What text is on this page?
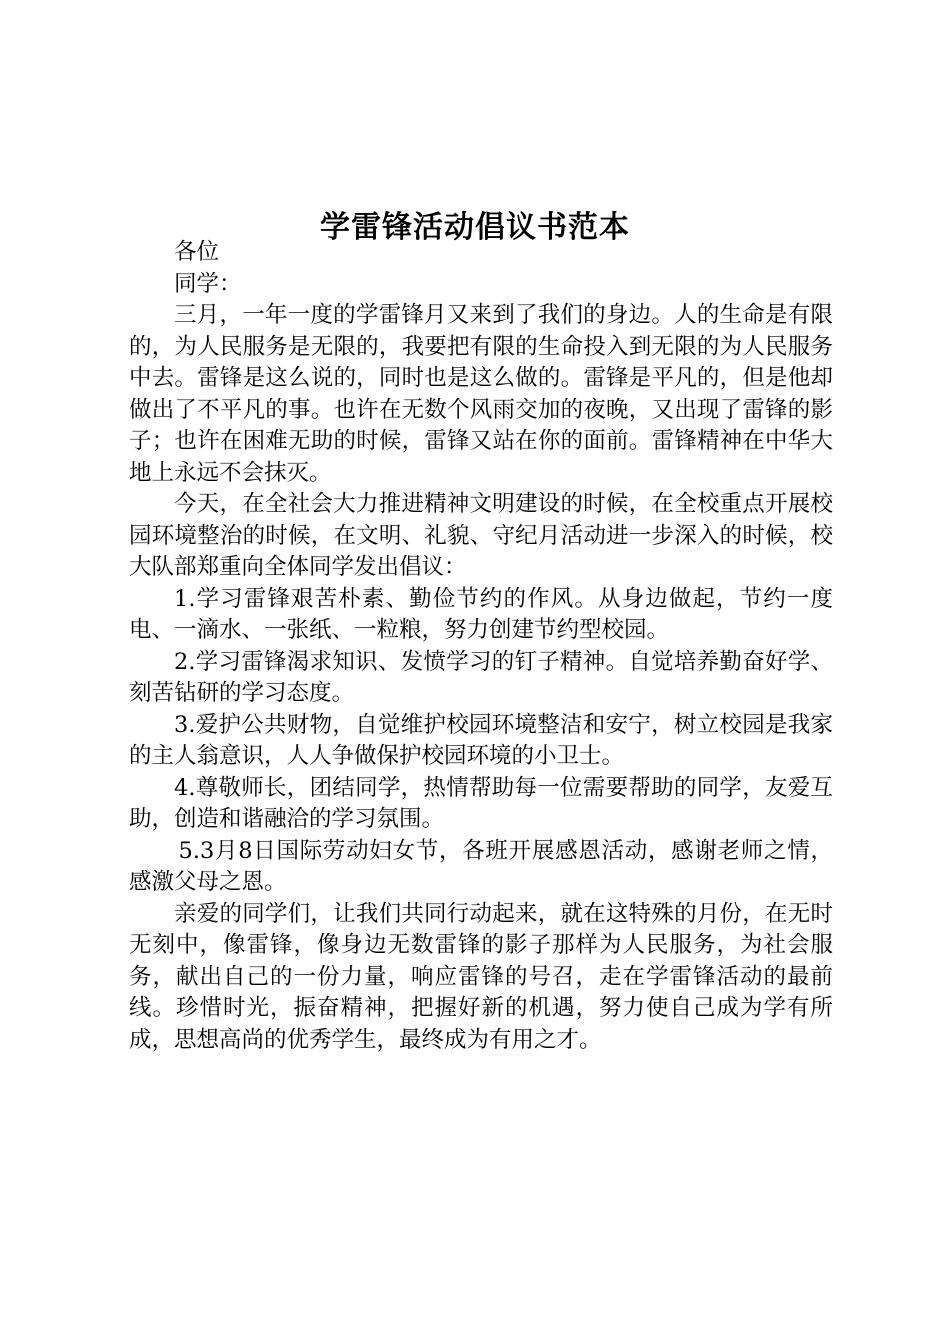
学雷锋活动倡议书范本

各位

同学：

三月，一年一度的学雷锋月又来到了我们的身边。人的生命是有限的，为人民服务是无限的，我要把有限的生命投入到无限的为人民服务中去。雷锋是这么说的，同时也是这么做的。雷锋是平凡的，但是他却做出了不平凡的事。也许在无数个风雨交加的夜晚，又出现了雷锋的影子；也许在困难无助的时候，雷锋又站在你的面前。雷锋精神在中华大地上永远不会抹灭。

今天，在全社会大力推进精神文明建设的时候，在全校重点开展校园环境整治的时候，在文明、礼貌、守纪月活动进一步深入的时候，校大队部郑重向全体同学发出倡议：

1.学习雷锋艰苦朴素、勤俭节约的作风。从身边做起，节约一度电、一滴水、一张纸、一粒粮，努力创建节约型校园。

2.学习雷锋渴求知识、发愤学习的钉子精神。自觉培养勤奋好学、刻苦钻研的学习态度。

3.爱护公共财物，自觉维护校园环境整洁和安宁，树立校园是我家的主人翁意识，人人争做保护校园环境的小卫士。

4.尊敬师长，团结同学，热情帮助每一位需要帮助的同学，友爱互助，创造和谐融洽的学习氛围。

5.3月8日国际劳动妇女节，各班开展感恩活动，感谢老师之情，感激父母之恩。

亲爱的同学们，让我们共同行动起来，就在这特殊的月份，在无时无刻中，像雷锋，像身边无数雷锋的影子那样为人民服务，为社会服务，献出自己的一份力量，响应雷锋的号召，走在学雷锋活动的最前线。珍惜时光，振奋精神，把握好新的机遇，努力使自己成为学有所成，思想高尚的优秀学生，最终成为有用之才。
